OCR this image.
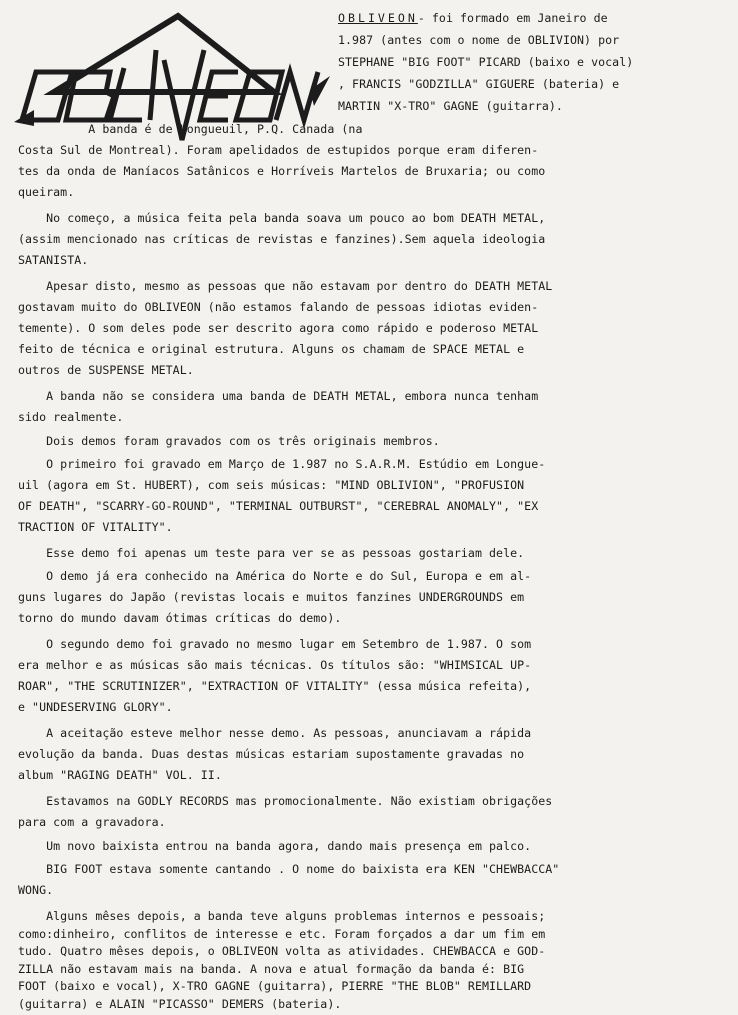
OBLIVEON
OBLIVEON- foi formado em Janeiro de
1.987 (antes com o nome de OBLIVION) por
STEPHANE "BIG FOOT" PICARD (baixo e vocal)
, FRANCIS "GODZILLA" GIGUERE (bateria) e
MARTIN "X-TRO" GAGNE (guitarra).
A banda é de Longueuil, P.Q. Canada (na
Costa Sul de Montreal). Foram apelidados de estupidos porque eram diferen-
tes da onda de Maníacos Satânicos e Horríveis Martelos de Bruxaria; ou como
queiram.
No começo, a música feita pela banda soava um pouco ao bom DEATH METAL,
(assim mencionado nas críticas de revistas e fanzines).Sem aquela ideologia
SATANISTA.
Apesar disto, mesmo as pessoas que não estavam por dentro do DEATH METAL
gostavam muito do OBLIVEON (não estamos falando de pessoas idiotas eviden-
temente). O som deles pode ser descrito agora como rápido e poderoso METAL
feito de técnica e original estrutura. Alguns os chamam de SPACE METAL e
outros de SUSPENSE METAL.
A banda não se considera uma banda de DEATH METAL, embora nunca tenham
sido realmente.
Dois demos foram gravados com os três originais membros.
O primeiro foi gravado em Março de 1.987 no S.A.R.M. Estúdio em Longue-
uil (agora em St. HUBERT), com seis músicas: "MIND OBLIVION", "PROFUSION
OF DEATH", "SCARRY-GO-ROUND", "TERMINAL OUTBURST", "CEREBRAL ANOMALY", "EX
TRACTION OF VITALITY".
Esse demo foi apenas um teste para ver se as pessoas gostariam dele.
O demo já era conhecido na América do Norte e do Sul, Europa e em al-
guns lugares do Japão (revistas locais e muitos fanzines UNDERGROUNDS em
torno do mundo davam ótimas críticas do demo).
O segundo demo foi gravado no mesmo lugar em Setembro de 1.987. O som
era melhor e as músicas são mais técnicas. Os títulos são: "WHIMSICAL UP-
ROAR", "THE SCRUTINIZER", "EXTRACTION OF VITALITY" (essa música refeita),
e "UNDESERVING GLORY".
A aceitação esteve melhor nesse demo. As pessoas, anunciavam a rápida
evolução da banda. Duas destas músicas estariam supostamente gravadas no
album "RAGING DEATH" VOL. II.
Estavamos na GODLY RECORDS mas promocionalmente. Não existiam obrigações
para com a gravadora.
Um novo baixista entrou na banda agora, dando mais presença em palco.
BIG FOOT estava somente cantando . O nome do baixista era KEN "CHEWBACCA"
WONG.
Alguns mêses depois, a banda teve alguns problemas internos e pessoais;
como:dinheiro, conflitos de interesse e etc. Foram forçados a dar um fim em
tudo. Quatro mêses depois, o OBLIVEON volta as atividades. CHEWBACCA e GOD-
ZILLA não estavam mais na banda. A nova e atual formação da banda é: BIG
FOOT (baixo e vocal), X-TRO GAGNE (guitarra), PIERRE "THE BLOB" REMILLARD
(guitarra) e ALAIN "PICASSO" DEMERS (bateria).
